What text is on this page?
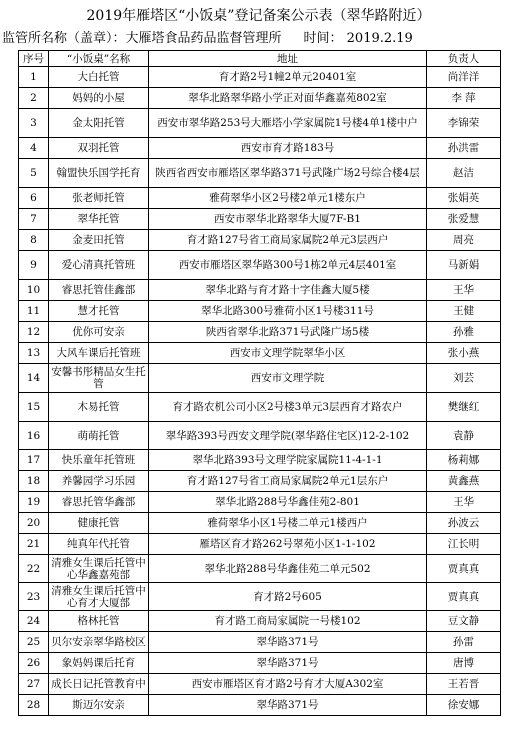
2019年雁塔区“小饭桌”登记备案公示表（翠华路附近）
监管所名称（盖章）：大雁塔食品药品监督管理所 时间： 2019.2.19
序号	“小饭桌”名称	地址	负责人
1	大白托管	育才路2号1幢2单元20401室	尚洋洋
2	妈妈的小屋	翠华北路翠华路小学正对面华鑫嘉苑802室	李 萍
3	金太阳托管	西安市翠华路253号大雁塔小学家属院1号楼4单1楼中户	李锦荣
4	双羽托管	西安市育才路183号	孙洪雷
5	翰盟快乐国学托育	陕西省西安市雁塔区翠华路371号武隆广场2号综合楼4层	赵洁
6	张老师托管	雅荷翠华小区2号楼2单元1楼东户	张娟英
7	翠华托管	西安市翠华北路翠华大厦7F-B1	张爱慧
8	金麦田托管	育才路127号省工商局家属院2单元3层西户	周亮
9	爱心清真托管班	西安市雁塔区翠华路300号1栋2单元4层401室	马新娟
10	睿思托管佳鑫部	翠华北路与育才路十字佳鑫大厦5楼	王华
11	慧才托管	翠华北路300号雅荷小区1号楼311号	王健
12	优你可安亲	陕西省翠华北路371号武隆广场5楼	孙雅
13	大风车课后托管班	西安市文理学院翠华小区	张小燕
14	安馨书彤精品女生托管	西安市文理学院	刘芸
15	木易托管	育才路农机公司小区2号楼3单元3层西育才路农户	樊继红
16	萌萌托管	翠华路393号西安文理学院(翠华路住宅区)12-2-102	袁静
17	快乐童年托管班	翠华北路393号文理学院家属院11-4-1-1	杨莉娜
18	养馨园学习乐园	育才路127号省工商局家属院2单元1层东户	黄鑫燕
19	睿思托管华鑫部	翠华北路288号华鑫佳苑2-801	王华
20	健康托管	雅荷翠华小区1号楼二单元1楼西户	孙波云
21	纯真年代托管	雁塔区育才路262号翠苑小区1-1-102	江长明
22	清雅女生课后托管中心华鑫嘉苑部	翠华北路288号华鑫佳苑二单元502	贾真真
23	清雅女生课后托管中心育才大厦部	育才路2号605	贾真真
24	格林托管	育才路工商局家属院一号楼102	豆文静
25	贝尔安亲翠华路校区	翠华路371号	孙雷
26	象妈妈课后托育	翠华路371号	唐博
27	成长日记托管教育中	西安市雁塔区育才路2号育才大厦A302室	王若晋
28	斯迈尔安亲	翠华路371号	徐安娜
